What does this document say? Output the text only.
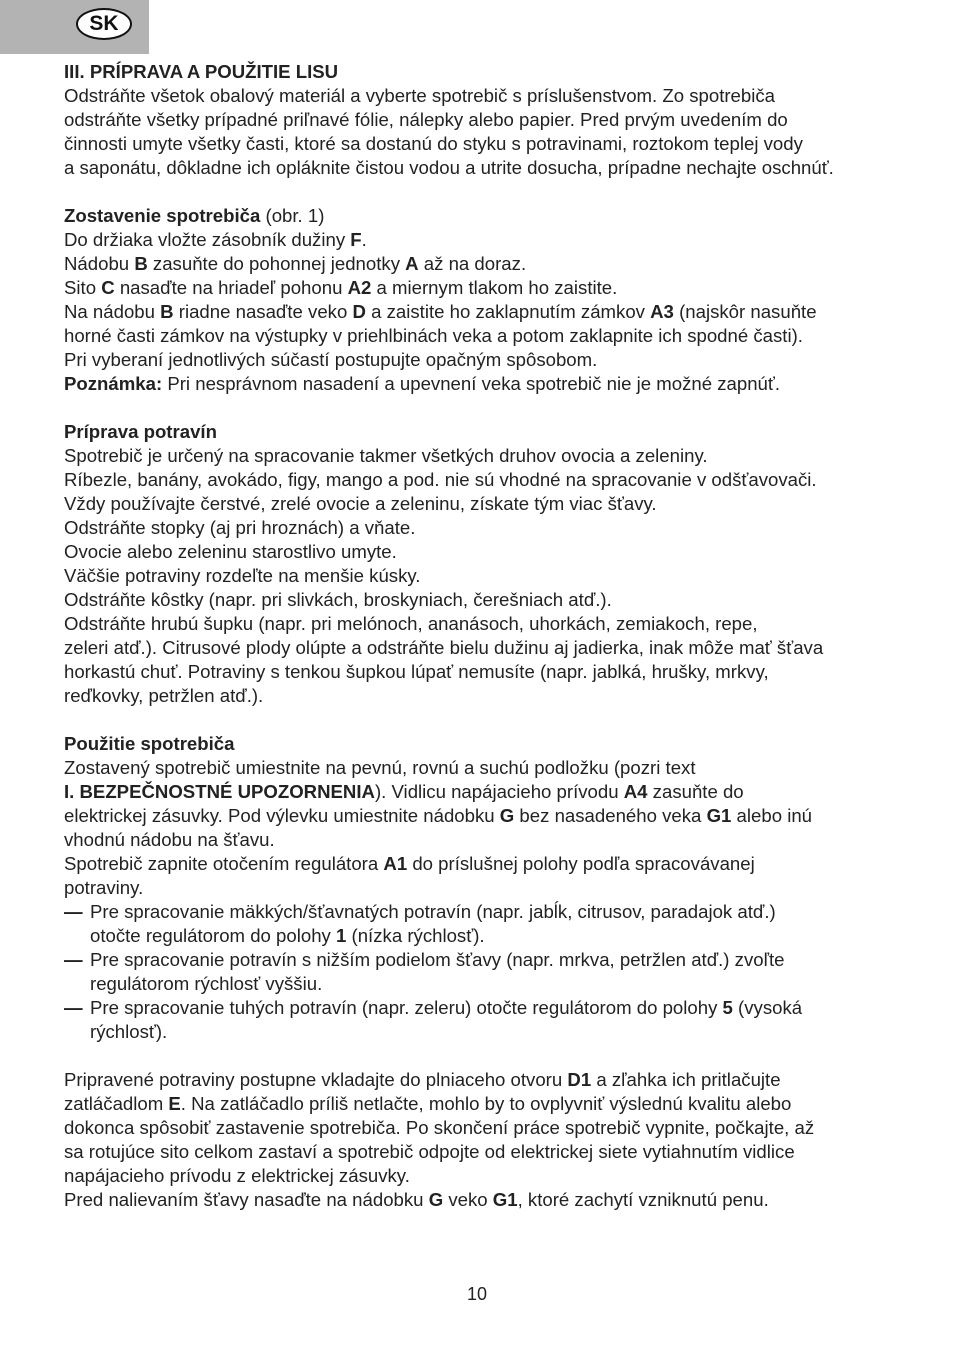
SK

III. PRÍPRAVA A POUŽITIE LISU

Odstráňte všetok obalový materiál a vyberte spotrebič s príslušenstvom. Zo spotrebiča

odstráňte všetky prípadné priľnavé fólie, nálepky alebo papier. Pred prvým uvedením do

činnosti umyte všetky časti, ktoré sa dostanú do styku s potravinami, roztokom teplej vody

a saponátu, dôkladne ich opláknite čistou vodou a utrite dosucha, prípadne nechajte oschnúť.

Zostavenie spotrebiča (obr. 1)

Do držiaka vložte zásobník dužiny F.

Nádobu B zasuňte do pohonnej jednotky A až na doraz.

Sito C nasaďte na hriadeľ pohonu A2 a miernym tlakom ho zaistite.

Na nádobu B riadne nasaďte veko D a zaistite ho zaklapnutím zámkov A3 (najskôr nasuňte

horné časti zámkov na výstupky v priehlbinách veka a potom zaklapnite ich spodné časti).

Pri vyberaní jednotlivých súčastí postupujte opačným spôsobom.

Poznámka: Pri nesprávnom nasadení a upevnení veka spotrebič nie je možné zapnúť.

Príprava potravín

Spotrebič je určený na spracovanie takmer všetkých druhov ovocia a zeleniny.

Ríbezle, banány, avokádo, figy, mango a pod. nie sú vhodné na spracovanie v odšťavovači.

Vždy používajte čerstvé, zrelé ovocie a zeleninu, získate tým viac šťavy.

Odstráňte stopky (aj pri hroznách) a vňate.

Ovocie alebo zeleninu starostlivo umyte.

Väčšie potraviny rozdeľte na menšie kúsky.

Odstráňte kôstky (napr. pri slivkách, broskyniach, čerešniach atď.).

Odstráňte hrubú šupku (napr. pri melónoch, ananásoch, uhorkách, zemiakoch, repe,

zeleri atď.). Citrusové plody olúpte a odstráňte bielu dužinu aj jadierka, inak môže mať šťava

horkastú chuť. Potraviny s tenkou šupkou lúpať nemusíte (napr. jablká, hrušky, mrkvy,

reďkovky, petržlen atď.).

Použitie spotrebiča

Zostavený spotrebič umiestnite na pevnú, rovnú a suchú podložku (pozri text

I. BEZPEČNOSTNÉ UPOZORNENIA). Vidlicu napájacieho prívodu A4 zasuňte do

elektrickej zásuvky. Pod výlevku umiestnite nádobku G bez nasadeného veka G1 alebo inú

vhodnú nádobu na šťavu.

Spotrebič zapnite otočením regulátora A1 do príslušnej polohy podľa spracovávanej

potraviny.

— Pre spracovanie mäkkých/šťavnatých potravín (napr. jabĺk, citrusov, paradajok atď.)

otočte regulátorom do polohy 1 (nízka rýchlosť).

— Pre spracovanie potravín s nižším podielom šťavy (napr. mrkva, petržlen atď.) zvoľte

regulátorom rýchlosť vyššiu.

— Pre spracovanie tuhých potravín (napr. zeleru) otočte regulátorom do polohy 5 (vysoká

rýchlosť).

Pripravené potraviny postupne vkladajte do plniaceho otvoru D1 a zľahka ich pritlačujte

zatláčadlom E. Na zatláčadlo príliš netlačte, mohlo by to ovplyvniť výslednú kvalitu alebo

dokonca spôsobiť zastavenie spotrebiča. Po skončení práce spotrebič vypnite, počkajte, až

sa rotujúce sito celkom zastaví a spotrebič odpojte od elektrickej siete vytiahnutím vidlice

napájacieho prívodu z elektrickej zásuvky.

Pred nalievaním šťavy nasaďte na nádobku G veko G1, ktoré zachytí vzniknutú penu.

10
